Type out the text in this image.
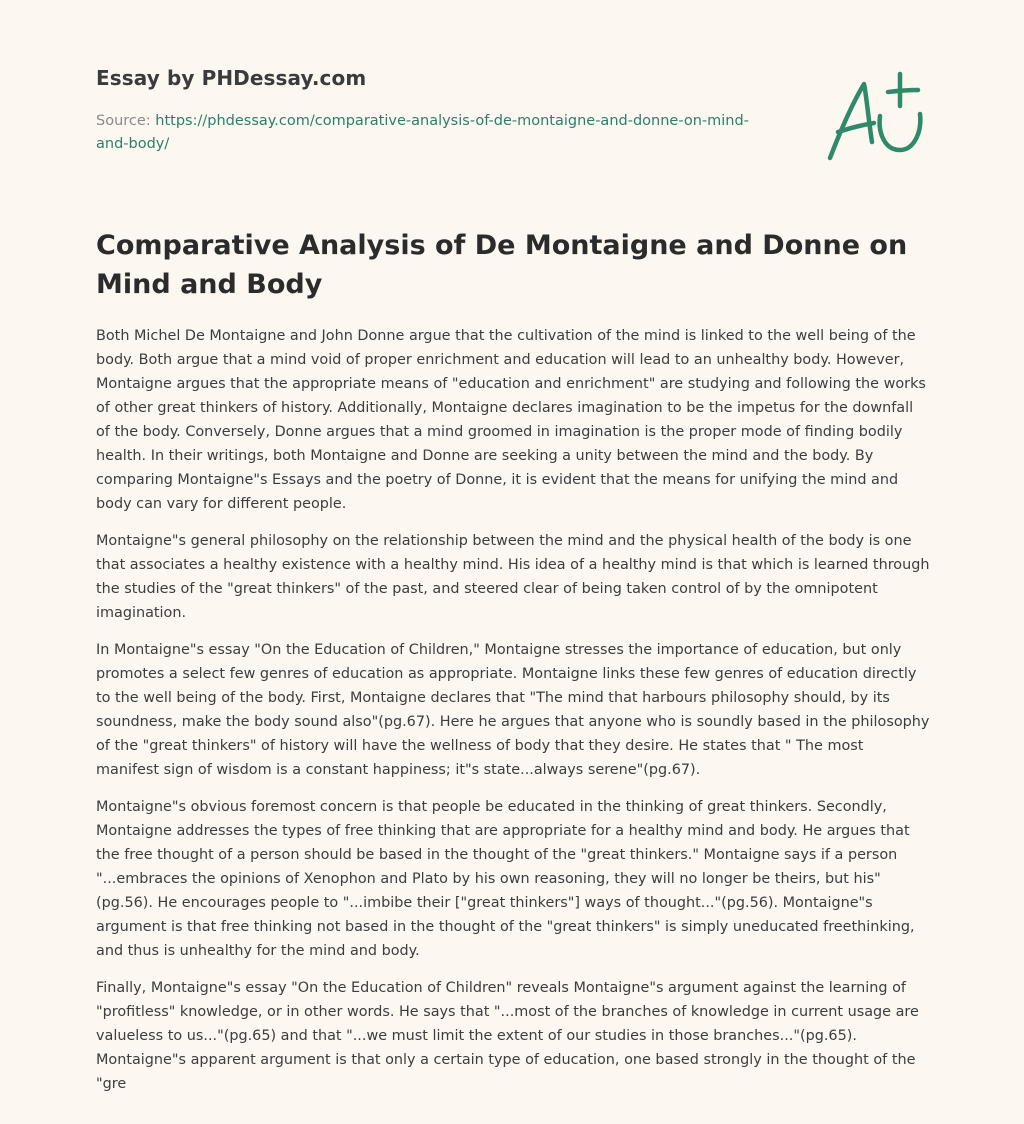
Essay by PHDessay.com
Source: https://phdessay.com/comparative-analysis-of-de-montaigne-and-donne-on-mind-and-body/
Comparative Analysis of De Montaigne and Donne on Mind and Body

Both Michel De Montaigne and John Donne argue that the cultivation of the mind is linked to the well being of the body. Both argue that a mind void of proper enrichment and education will lead to an unhealthy body. However, Montaigne argues that the appropriate means of "education and enrichment" are studying and following the works of other great thinkers of history. Additionally, Montaigne declares imagination to be the impetus for the downfall of the body. Conversely, Donne argues that a mind groomed in imagination is the proper mode of finding bodily health. In their writings, both Montaigne and Donne are seeking a unity between the mind and the body. By comparing Montaigne"s Essays and the poetry of Donne, it is evident that the means for unifying the mind and body can vary for different people.

Montaigne"s general philosophy on the relationship between the mind and the physical health of the body is one that associates a healthy existence with a healthy mind. His idea of a healthy mind is that which is learned through the studies of the "great thinkers" of the past, and steered clear of being taken control of by the omnipotent imagination.

In Montaigne"s essay "On the Education of Children," Montaigne stresses the importance of education, but only promotes a select few genres of education as appropriate. Montaigne links these few genres of education directly to the well being of the body. First, Montaigne declares that "The mind that harbours philosophy should, by its soundness, make the body sound also"(pg.67). Here he argues that anyone who is soundly based in the philosophy of the "great thinkers" of history will have the wellness of body that they desire. He states that " The most manifest sign of wisdom is a constant happiness; it"s state...always serene"(pg.67).

Montaigne"s obvious foremost concern is that people be educated in the thinking of great thinkers. Secondly, Montaigne addresses the types of free thinking that are appropriate for a healthy mind and body. He argues that the free thought of a person should be based in the thought of the "great thinkers." Montaigne says if a person "...embraces the opinions of Xenophon and Plato by his own reasoning, they will no longer be theirs, but his"(pg.56). He encourages people to "...imbibe their ["great thinkers"] ways of thought..."(pg.56). Montaigne"s argument is that free thinking not based in the thought of the "great thinkers" is simply uneducated freethinking, and thus is unhealthy for the mind and body.

Finally, Montaigne"s essay "On the Education of Children" reveals Montaigne"s argument against the learning of "profitless" knowledge, or in other words. He says that "...most of the branches of knowledge in current usage are valueless to us..."(pg.65) and that "...we must limit the extent of our studies in those branches..."(pg.65). Montaigne"s apparent argument is that only a certain type of education, one based strongly in the thought of the "gre
